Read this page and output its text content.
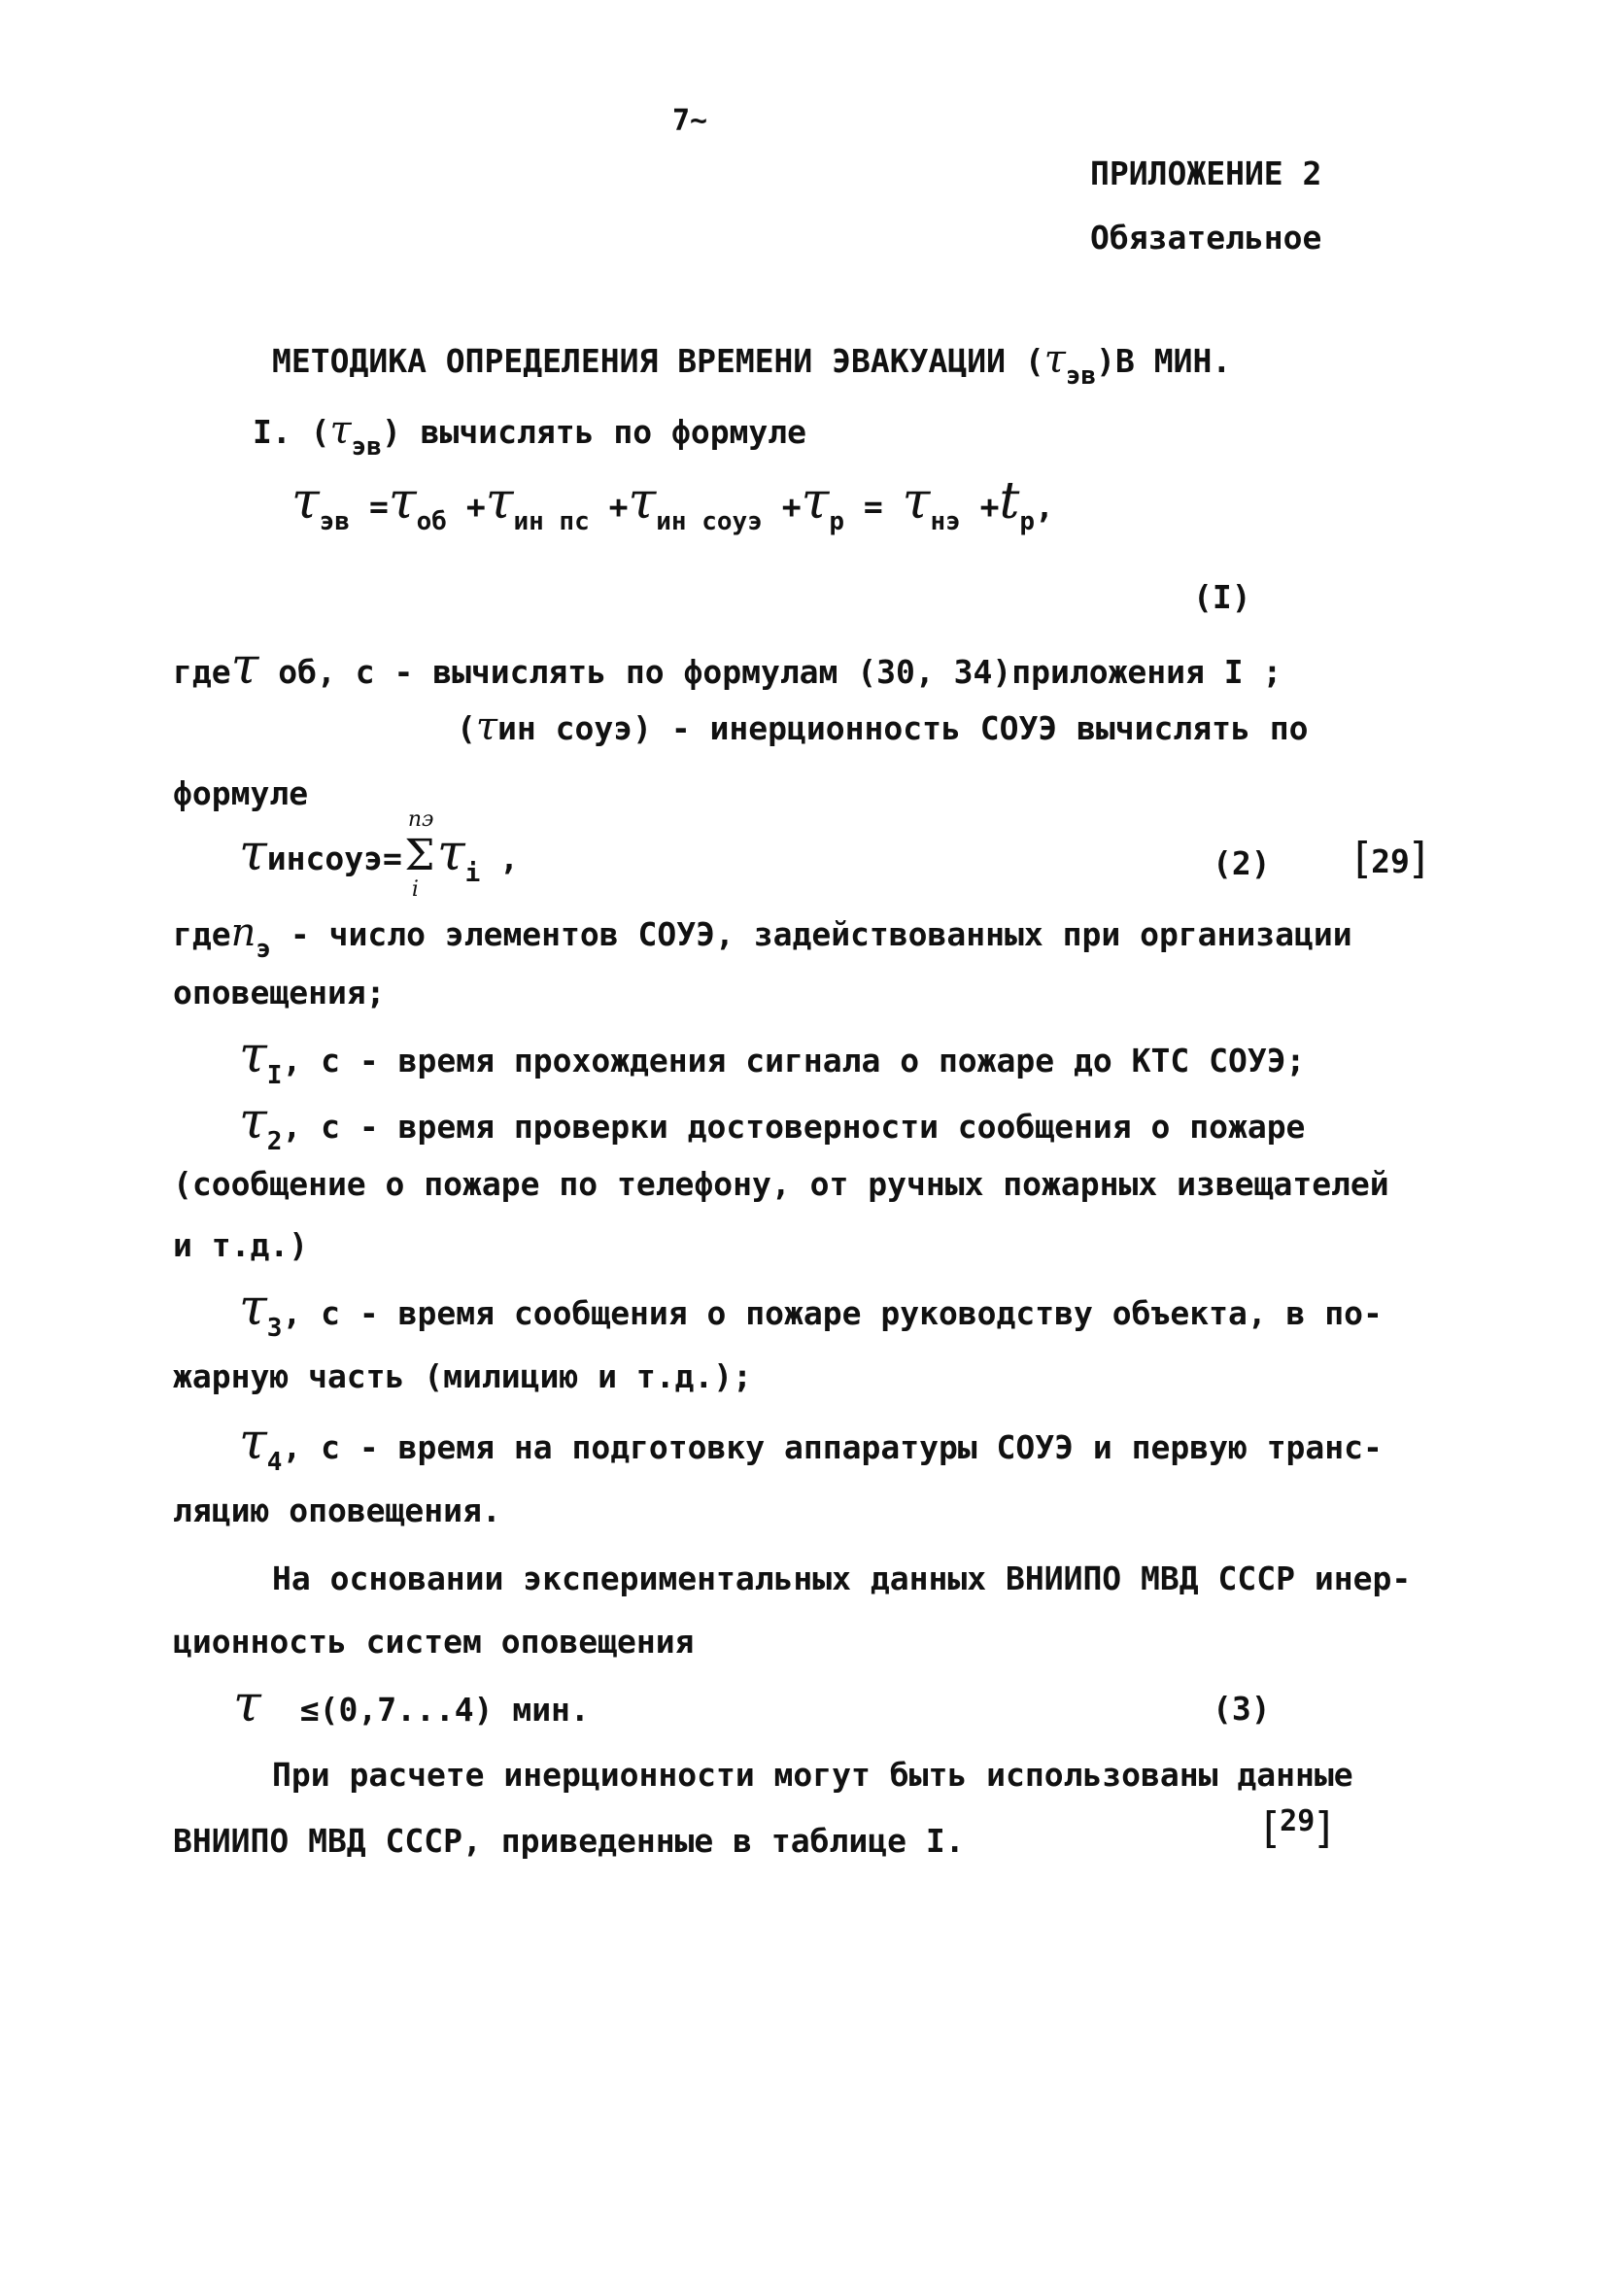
7~
ПРИЛОЖЕНИЕ 2
Обязательное
МЕТОДИКА ОПРЕДЕЛЕНИЯ ВРЕМЕНИ ЭВАКУАЦИИ $(\tau_{эв})В$ МИН.
I. $(\tau_{эв})$ вычислять по формуле
$\tau_{эв} =\tau_{об} +\tau_{ин пс} +\tau_{ин соуэ} +\tau_р = \tau_{нэ} +t_р$,
(I)
гдеτ об, с - вычислять по формулам (30, 34)приложения I ;
(τин соуэ) - инерционность СОУЭ вычислять по
формуле
τинсоуэ=Σ
nэ
i
$\tau_i$ ,	(2) [29]
гдеn$_э$ - число элементов СОУЭ, задействованных при организации
оповещения;
$\tau_I$, с - время прохождения сигнала о пожаре до КТС СОУЭ;
$\tau_2$, с - время проверки достоверности сообщения о пожаре
(сообщение о пожаре по телефону, от ручных пожарных извещателей
и т.д.)
$\tau_3$, с - время сообщения о пожаре руководству объекта, в по-
жарную часть (милицию и т.д.);
$\tau_4$, с - время на подготовку аппаратуры СОУЭ и первую транс-
ляцию оповещения.
На основании экспериментальных данных ВНИИПО МВД СССР инер-
ционность систем оповещения
τ ≤(0,7...4) мин.	(3)
При расчете инерционности могут быть использованы данные
ВНИИПО МВД СССР, приведенные в таблице I.	[29]
